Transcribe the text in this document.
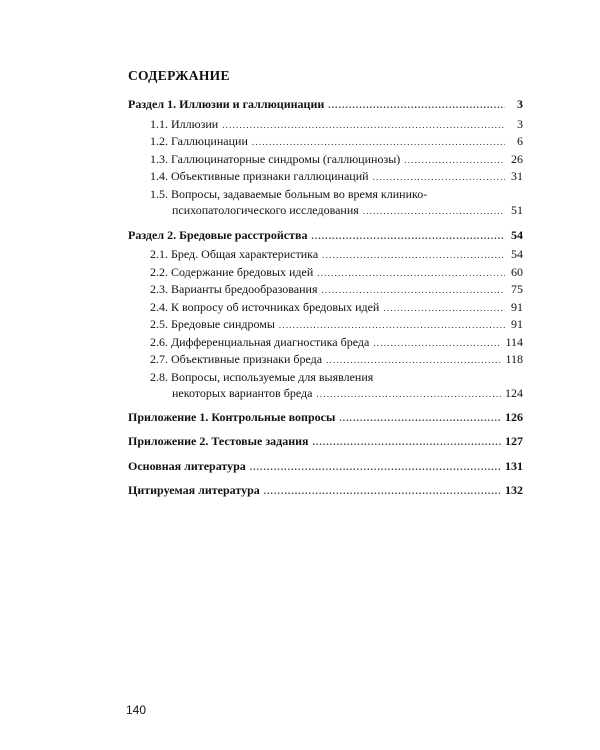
СОДЕРЖАНИЕ
Раздел 1. Иллюзии и галлюцинации .....	3
1.1. Иллюзии .....	3
1.2. Галлюцинации .....	6
1.3. Галлюцинаторные синдромы (галлюцинозы) .....	26
1.4. Объективные признаки галлюцинаций .....	31
1.5. Вопросы, задаваемые больным во время клинико-
психопатологического исследования .....	51
Раздел 2. Бредовые расстройства .....	54
2.1. Бред. Общая характеристика .....	54
2.2. Содержание бредовых идей .....	60
2.3. Варианты бредообразования .....	75
2.4. К вопросу об источниках бредовых идей .....	91
2.5. Бредовые синдромы .....	91
2.6. Дифференциальная диагностика бреда .....	114
2.7. Объективные признаки бреда .....	118
2.8. Вопросы, используемые для выявления
некоторых вариантов бреда .....	124
Приложение 1. Контрольные вопросы .....	126
Приложение 2. Тестовые задания .....	127
Основная литература .....	131
Цитируемая литература .....	132

140
